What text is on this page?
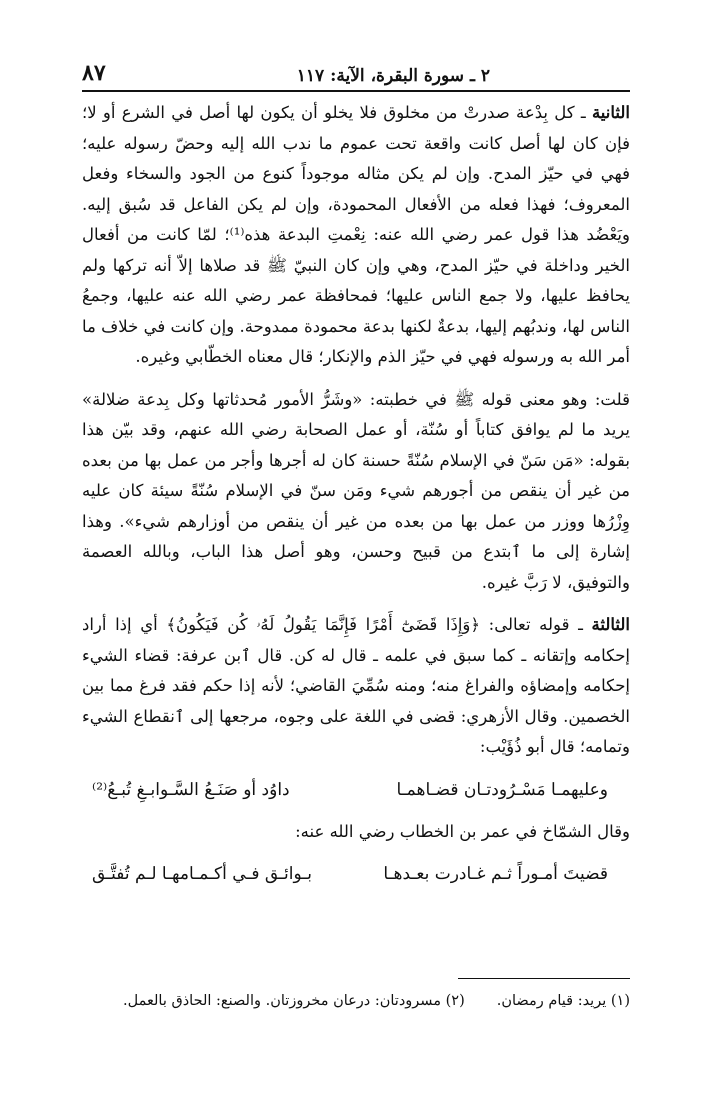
٢ ـ سورة البقرة، الآية: ١١٧
٨٧

الثانية ـ كل بِدْعة صدرتْ من مخلوق فلا يخلو أن يكون لها أصل في الشرع أو لا؛ فإن كان لها أصل كانت واقعة تحت عموم ما ندب الله إليه وحضّ رسوله عليه؛ فهي في حيّز المدح. وإن لم يكن مثاله موجوداً كنوع من الجود والسخاء وفعل المعروف؛ فهذا فعله من الأفعال المحمودة، وإن لم يكن الفاعل قد سُبق إليه. ويَعْضُد هذا قول عمر رضي الله عنه: نِعْمتِ البدعة هذه⁽¹⁾؛ لمّا كانت من أفعال الخير وداخلة في حيّز المدح، وهي وإن كان النبيّ ﷺ قد صلاها إلاّ أنه تركها ولم يحافظ عليها، ولا جمع الناس عليها؛ فمحافظة عمر رضي الله عنه عليها، وجمعُ الناس لها، وندبُهم إليها، بدعةٌ لكنها بدعة محمودة ممدوحة. وإن كانت في خلاف ما أمر الله به ورسوله فهي في حيّز الذم والإنكار؛ قال معناه الخطّابي وغيره.

قلت: وهو معنى قوله ﷺ في خطبته: «وشَرُّ الأمور مُحدثاتها وكل بِدعة ضلالة» يريد ما لم يوافق كتاباً أو سُنّة، أو عمل الصحابة رضي الله عنهم، وقد بيّن هذا بقوله: «مَن سَنّ في الإسلام سُنّةً حسنة كان له أجرها وأجر من عمل بها من بعده من غير أن ينقص من أجورهم شيء ومَن سنّ في الإسلام سُنّةً سيئة كان عليه وِزْرُها ووزر من عمل بها من بعده من غير أن ينقص من أوزارهم شيء». وهذا إشارة إلى ما ٱبتدع من قبيح وحسن، وهو أصل هذا الباب، وبالله العصمة والتوفيق، لا رَبَّ غيره.

الثالثة ـ قوله تعالى: ﴿وَإِذَا قَضَىٰٓ أَمْرًا فَإِنَّمَا يَقُولُ لَهُۥ كُن فَيَكُونُ﴾ أي إذا أراد إحكامه وإتقانه ـ كما سبق في علمه ـ قال له كن. قال ٱبن عرفة: قضاء الشيء إحكامه وإمضاؤه والفراغ منه؛ ومنه سُمِّيَ القاضي؛ لأنه إذا حكم فقد فرغ مما بين الخصمين. وقال الأزهري: قضى في اللغة على وجوه، مرجعها إلى ٱنقطاع الشيء وتمامه؛ قال أبو ذُؤَيْب:

وعليهمـا مَسْـرُودتـان قضـاهمـا
داوُد أو صَنَـعُ السَّـوابـغِ تُبـعُ⁽²⁾

وقال الشمّاخ في عمر بن الخطاب رضي الله عنه:

قضيتَ أمـوراً ثـم غـادرت بعـدهـا
بـوائـق فـي أكـمـامهـا لـم تُفتَّـق
(١) يريد: قيام رمضان.
(٢) مسرودتان: درعان مخروزتان. والصنع: الحاذق بالعمل.
